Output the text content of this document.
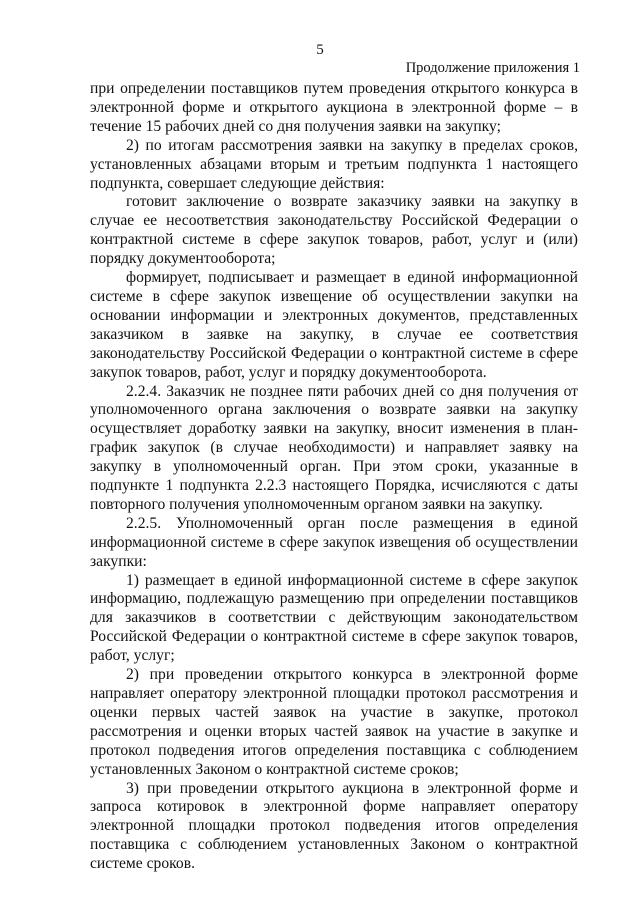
5
Продолжение приложения 1

при определении поставщиков путем проведения открытого конкурса в электронной форме и открытого аукциона в электронной форме – в течение 15 рабочих дней со дня получения заявки на закупку;

2) по итогам рассмотрения заявки на закупку в пределах сроков, установленных абзацами вторым и третьим подпункта 1 настоящего подпункта, совершает следующие действия:

готовит заключение о возврате заказчику заявки на закупку в случае ее несоответствия законодательству Российской Федерации о контрактной системе в сфере закупок товаров, работ, услуг и (или) порядку документооборота;

формирует, подписывает и размещает в единой информационной системе в сфере закупок извещение об осуществлении закупки на основании информации и электронных документов, представленных заказчиком в заявке на закупку, в случае ее соответствия законодательству Российской Федерации о контрактной системе в сфере закупок товаров, работ, услуг и порядку документооборота.

2.2.4. Заказчик не позднее пяти рабочих дней со дня получения от уполномоченного органа заключения о возврате заявки на закупку осуществляет доработку заявки на закупку, вносит изменения в план-график закупок (в случае необходимости) и направляет заявку на закупку в уполномоченный орган. При этом сроки, указанные в подпункте 1 подпункта 2.2.3 настоящего Порядка, исчисляются с даты повторного получения уполномоченным органом заявки на закупку.

2.2.5. Уполномоченный орган после размещения в единой информационной системе в сфере закупок извещения об осуществлении закупки:

1) размещает в единой информационной системе в сфере закупок информацию, подлежащую размещению при определении поставщиков для заказчиков в соответствии с действующим законодательством Российской Федерации о контрактной системе в сфере закупок товаров, работ, услуг;

2) при проведении открытого конкурса в электронной форме направляет оператору электронной площадки протокол рассмотрения и оценки первых частей заявок на участие в закупке, протокол рассмотрения и оценки вторых частей заявок на участие в закупке и протокол подведения итогов определения поставщика с соблюдением установленных Законом о контрактной системе сроков;

3) при проведении открытого аукциона в электронной форме и запроса котировок в электронной форме направляет оператору электронной площадки протокол подведения итогов определения поставщика с соблюдением установленных Законом о контрактной системе сроков.
